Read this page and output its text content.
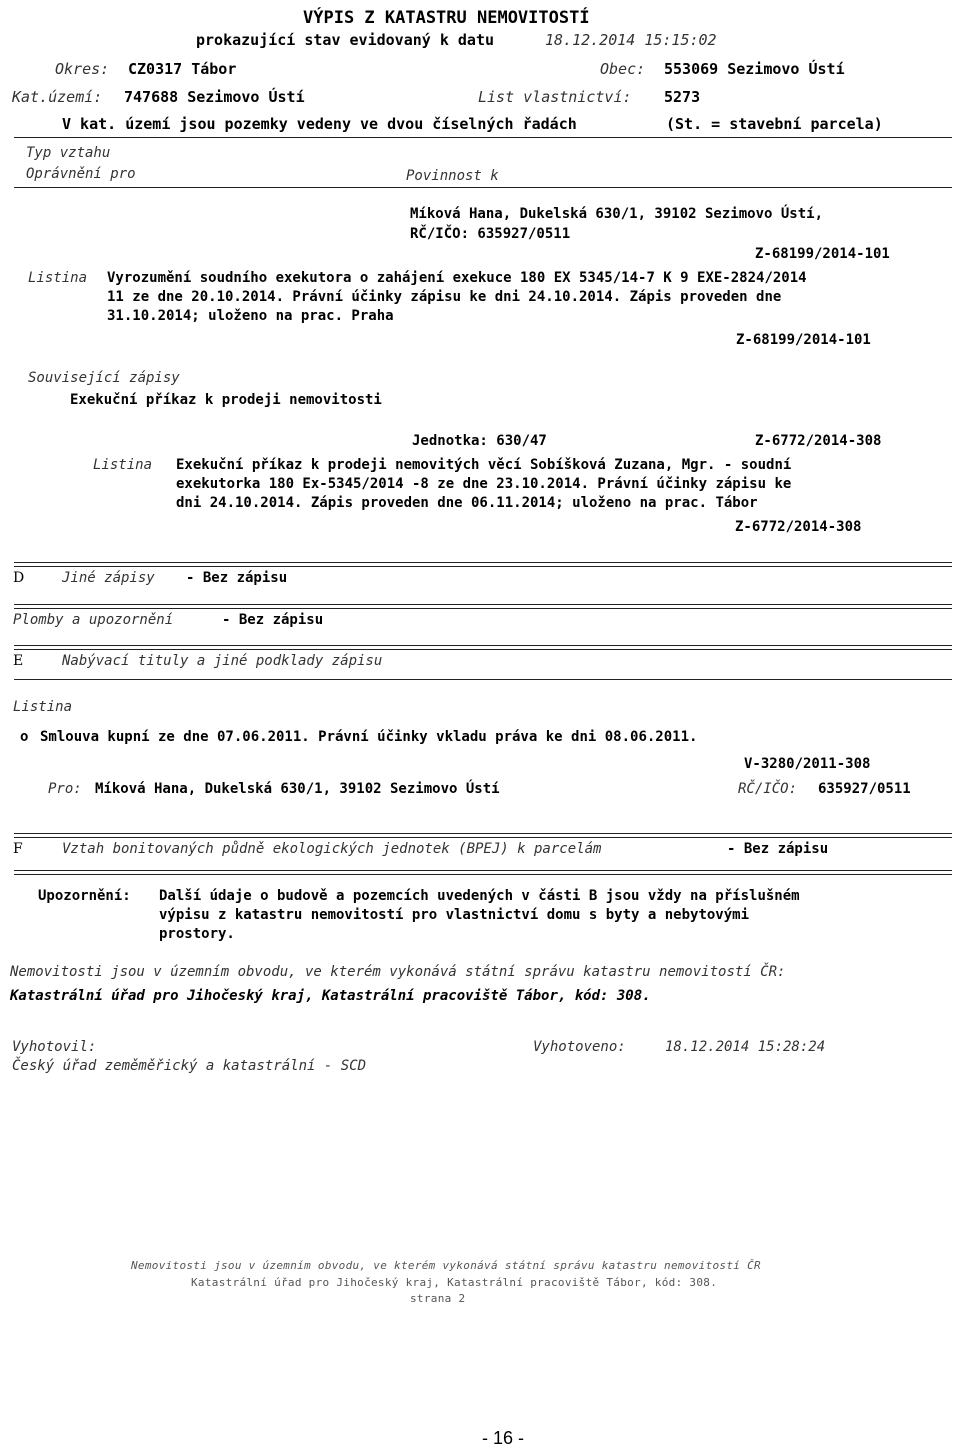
VÝPIS Z KATASTRU NEMOVITOSTÍ
prokazující stav evidovaný k datu	18.12.2014 15:15:02
Okres: CZ0317 Tábor	Obec: 553069 Sezimovo Ústí
Kat.území: 747688 Sezimovo Ústí	List vlastnictví: 5273
V kat. území jsou pozemky vedeny ve dvou číselných řadách	(St. = stavební parcela)
Typ vztahu
Oprávnění pro	Povinnost k
Míková Hana, Dukelská 630/1, 39102 Sezimovo Ústí,
RČ/IČO: 635927/0511
Z-68199/2014-101
Listina Vyrozumění soudního exekutora o zahájení exekuce 180 EX 5345/14-7 K 9 EXE-2824/2014
11 ze dne 20.10.2014. Právní účinky zápisu ke dni 24.10.2014. Zápis proveden dne
31.10.2014; uloženo na prac. Praha
Z-68199/2014-101
Související zápisy
Exekuční příkaz k prodeji nemovitosti
Jednotka: 630/47	Z-6772/2014-308
Listina Exekuční příkaz k prodeji nemovitých věcí Sobíšková Zuzana, Mgr. - soudní
exekutorka 180 Ex-5345/2014 -8 ze dne 23.10.2014. Právní účinky zápisu ke
dni 24.10.2014. Zápis proveden dne 06.11.2014; uloženo na prac. Tábor
Z-6772/2014-308
D	Jiné zápisy - Bez zápisu
Plomby a upozornění	- Bez zápisu
E	Nabývací tituly a jiné podklady zápisu
Listina
o Smlouva kupní ze dne 07.06.2011. Právní účinky vkladu práva ke dni 08.06.2011.
V-3280/2011-308
Pro: Míková Hana, Dukelská 630/1, 39102 Sezimovo Ústí	RČ/IČO: 635927/0511
F	Vztah bonitovaných půdně ekologických jednotek (BPEJ) k parcelám	- Bez zápisu
Upozornění: Další údaje o budově a pozemcích uvedených v části B jsou vždy na příslušném
výpisu z katastru nemovitostí pro vlastnictví domu s byty a nebytovými
prostory.
Nemovitosti jsou v územním obvodu, ve kterém vykonává státní správu katastru nemovitostí ČR:
Katastrální úřad pro Jihočeský kraj, Katastrální pracoviště Tábor, kód: 308.
Vyhotovil:
Český úřad zeměměřický a katastrální - SCD
Vyhotoveno:	18.12.2014 15:28:24
Nemovitosti jsou v územním obvodu, ve kterém vykonává státní správu katastru nemovitostí ČR
Katastrální úřad pro Jihočeský kraj, Katastrální pracoviště Tábor, kód: 308.
strana 2
- 16 -
